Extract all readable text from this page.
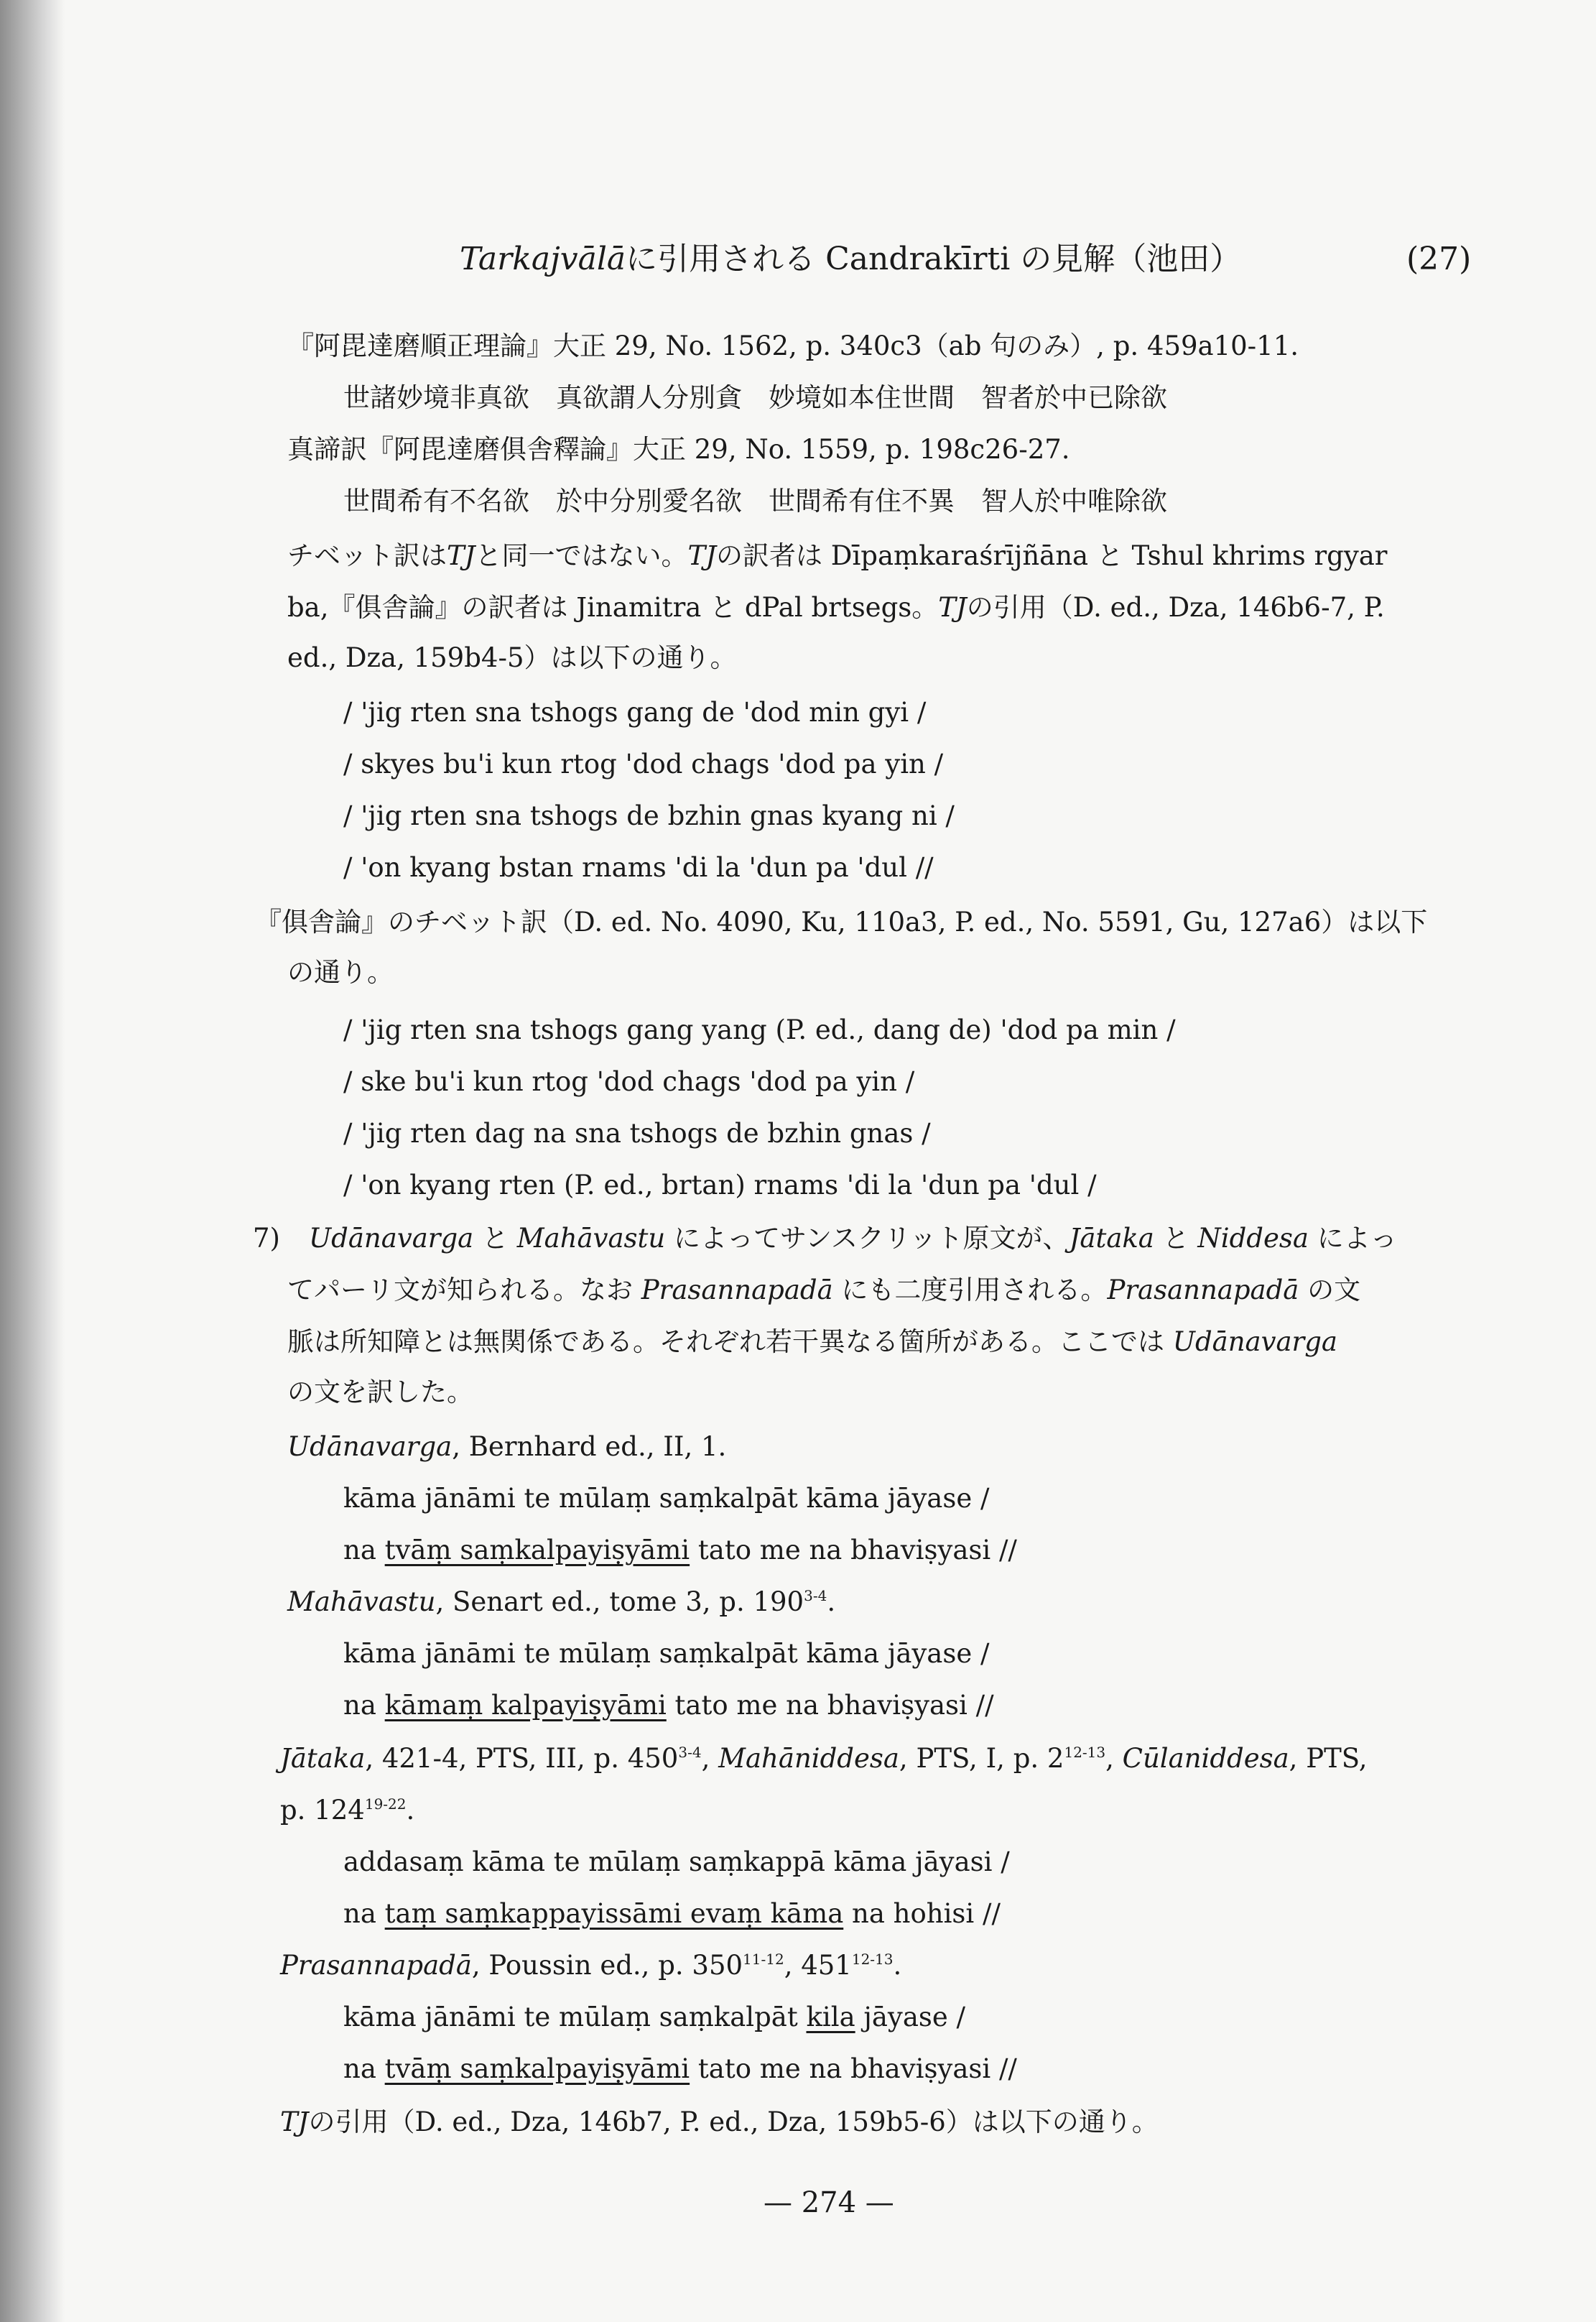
Tarkajvālāに引用される Candrakīrti の見解（池田）	(27)
『阿毘達磨順正理論』大正 29, No. 1562, p. 340c3（ab 句のみ）, p. 459a10-11.
世諸妙境非真欲　真欲謂人分別貪　妙境如本住世間　智者於中已除欲
真諦訳『阿毘達磨俱舎釋論』大正 29, No. 1559, p. 198c26-27.
世間希有不名欲　於中分別愛名欲　世間希有住不異　智人於中唯除欲
チベット訳はTJと同一ではない。TJの訳者は Dīpaṃkaraśrījñāna と Tshul khrims rgyar
ba,『俱舎論』の訳者は Jinamitra と dPal brtsegs。TJの引用（D. ed., Dza, 146b6-7, P.
ed., Dza, 159b4-5）は以下の通り。
/ 'jig rten sna tshogs gang de 'dod min gyi /
/ skyes bu'i kun rtog 'dod chags 'dod pa yin /
/ 'jig rten sna tshogs de bzhin gnas kyang ni /
/ 'on kyang bstan rnams 'di la 'dun pa 'dul //
『俱舎論』のチベット訳（D. ed. No. 4090, Ku, 110a3, P. ed., No. 5591, Gu, 127a6）は以下
の通り。
/ 'jig rten sna tshogs gang yang (P. ed., dang de) 'dod pa min /
/ ske bu'i kun rtog 'dod chags 'dod pa yin /
/ 'jig rten dag na sna tshogs de bzhin gnas /
/ 'on kyang rten (P. ed., brtan) rnams 'di la 'dun pa 'dul /
7) Udānavarga と Mahāvastu によってサンスクリット原文が、Jātaka と Niddesa によっ
てパーリ文が知られる。なお Prasannapadā にも二度引用される。Prasannapadā の文
脈は所知障とは無関係である。それぞれ若干異なる箇所がある。ここでは Udānavarga
の文を訳した。
Udānavarga, Bernhard ed., II, 1.
kāma jānāmi te mūlaṃ saṃkalpāt kāma jāyase /
na tvāṃ saṃkalpayiṣyāmi tato me na bhaviṣyasi //
Mahāvastu, Senart ed., tome 3, p. 190$^{3-4}$.
kāma jānāmi te mūlaṃ saṃkalpāt kāma jāyase /
na kāmaṃ kalpayiṣyāmi tato me na bhaviṣyasi //
Jātaka, 421-4, PTS, III, p. 450$^{3-4}$, Mahāniddesa, PTS, I, p. 2$^{12-13}$, Cūlaniddesa, PTS,
p. 124$^{19-22}$.
addasaṃ kāma te mūlaṃ saṃkappā kāma jāyasi /
na taṃ saṃkappayissāmi evaṃ kāma na hohisi //
Prasannapadā, Poussin ed., p. 350$^{11-12}$, 451$^{12-13}$.
kāma jānāmi te mūlaṃ saṃkalpāt kila jāyase /
na tvāṃ saṃkalpayiṣyāmi tato me na bhaviṣyasi //
TJの引用（D. ed., Dza, 146b7, P. ed., Dza, 159b5-6）は以下の通り。
— 274 —
